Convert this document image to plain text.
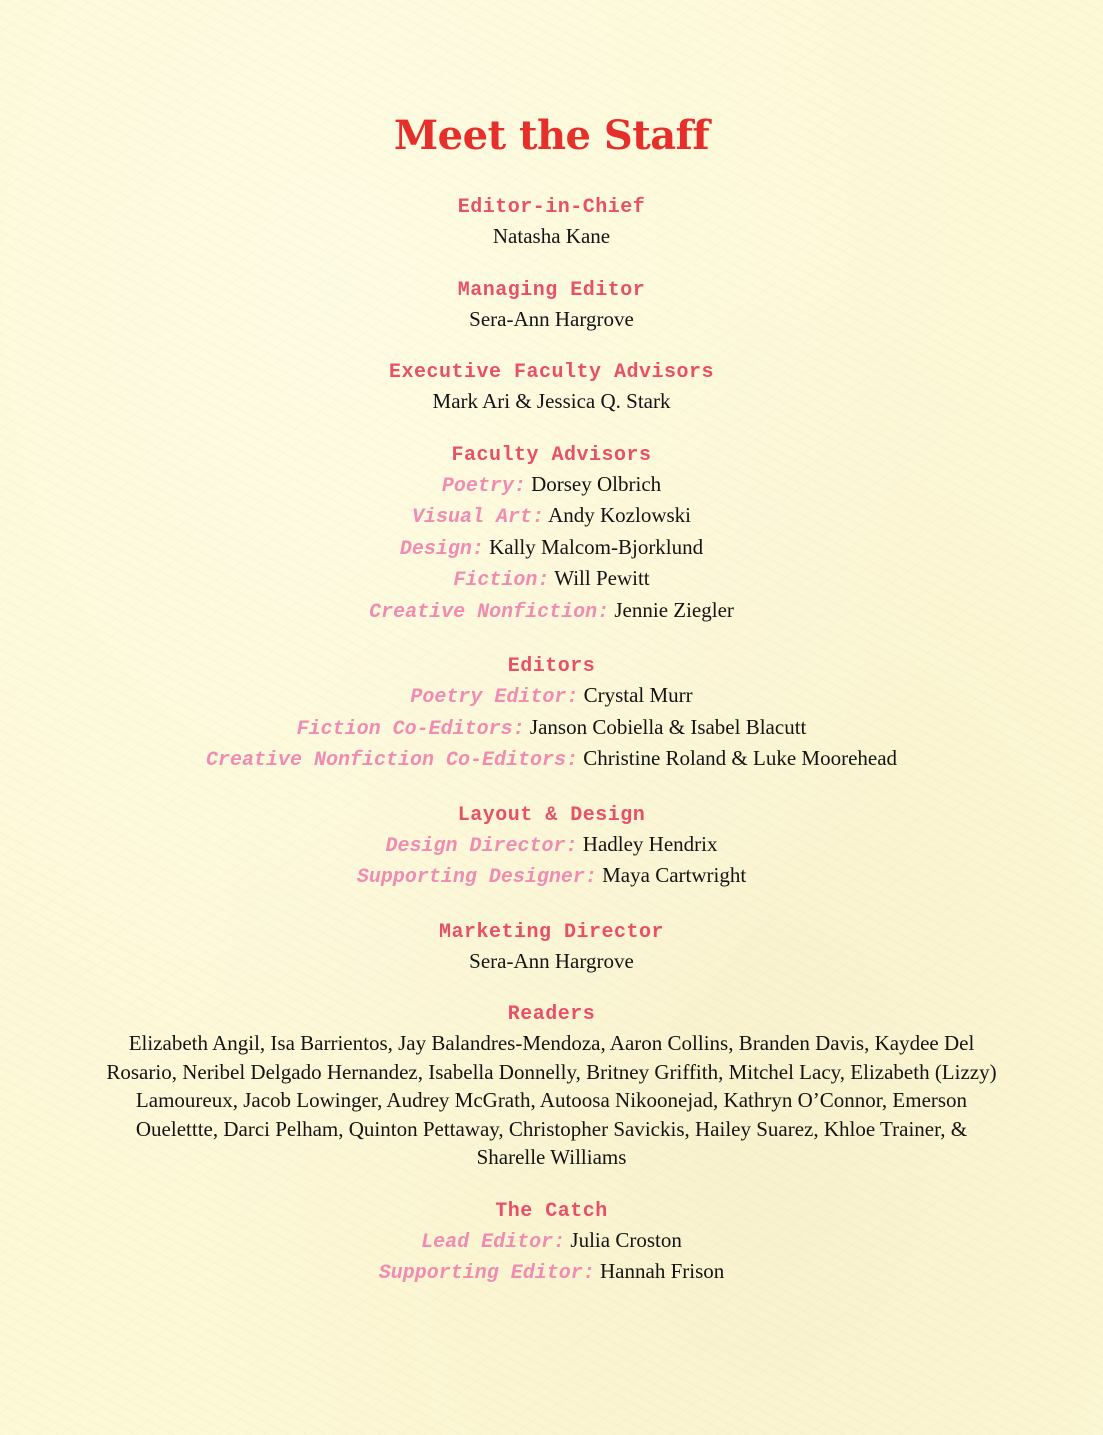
Meet the Staff
Editor-in-Chief
Natasha Kane
Managing Editor
Sera-Ann Hargrove
Executive Faculty Advisors
Mark Ari & Jessica Q. Stark
Faculty Advisors
Poetry: Dorsey Olbrich
Visual Art: Andy Kozlowski
Design: Kally Malcom-Bjorklund
Fiction: Will Pewitt
Creative Nonfiction: Jennie Ziegler
Editors
Poetry Editor: Crystal Murr
Fiction Co-Editors: Janson Cobiella & Isabel Blacutt
Creative Nonfiction Co-Editors: Christine Roland & Luke Moorehead
Layout & Design
Design Director: Hadley Hendrix
Supporting Designer: Maya Cartwright
Marketing Director
Sera-Ann Hargrove
Readers
Elizabeth Angil, Isa Barrientos, Jay Balandres-Mendoza, Aaron Collins, Branden Davis, Kaydee Del Rosario, Neribel Delgado Hernandez, Isabella Donnelly, Britney Griffith, Mitchel Lacy, Elizabeth (Lizzy) Lamoureux, Jacob Lowinger, Audrey McGrath, Autoosa Nikoonejad, Kathryn O’Connor, Emerson Ouelettte, Darci Pelham, Quinton Pettaway, Christopher Savickis, Hailey Suarez, Khloe Trainer, & Sharelle Williams
The Catch
Lead Editor: Julia Croston
Supporting Editor: Hannah Frison
